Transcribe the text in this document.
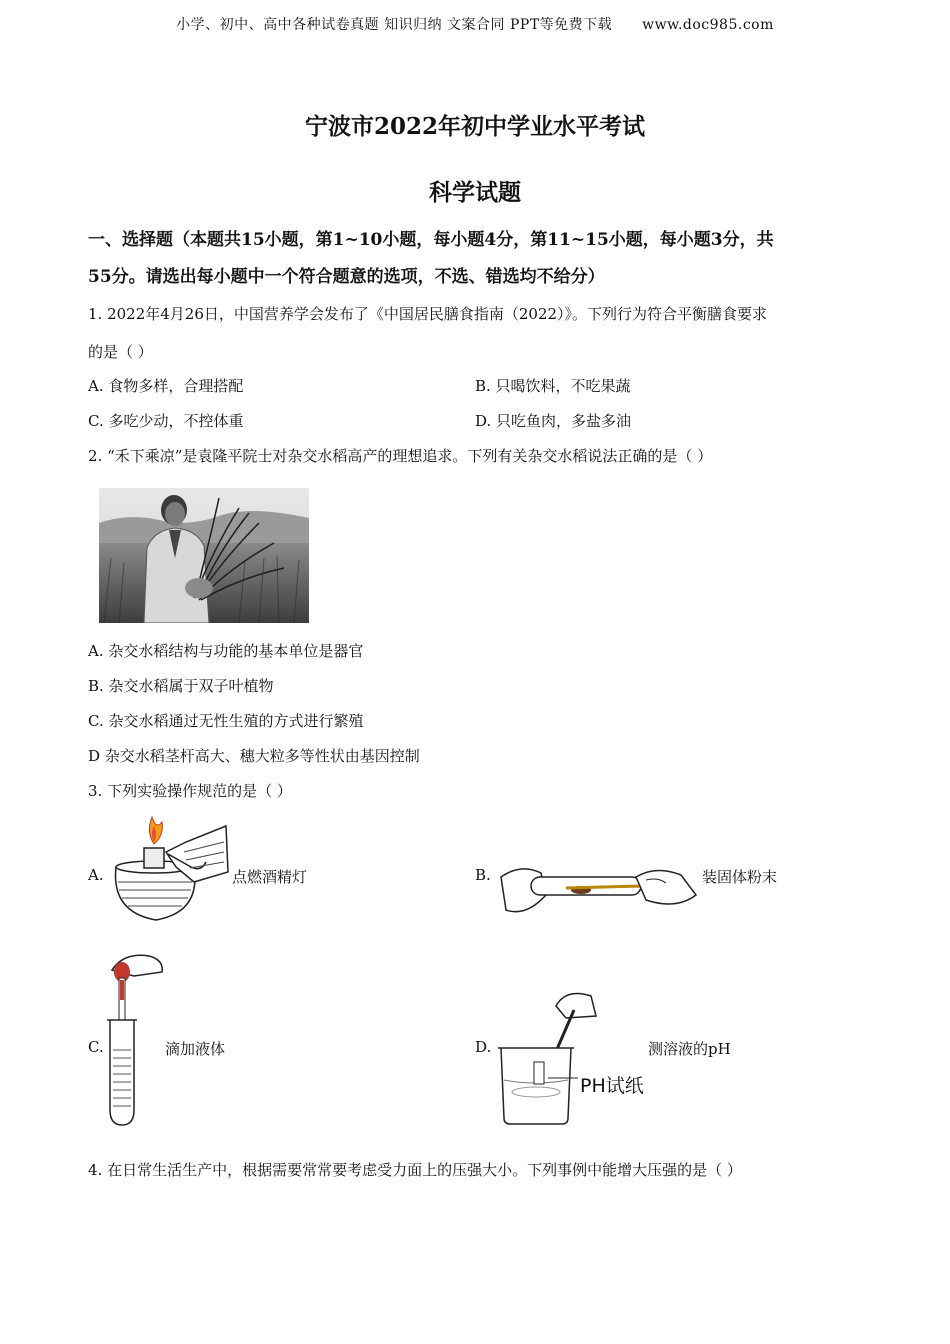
小学、初中、高中各种试卷真题 知识归纳 文案合同 PPT等免费下载 www.doc985.com
宁波市2022年初中学业水平考试
科学试题
一、选择题（本题共15小题，第1~10小题，每小题4分，第11~15小题，每小题3分，共
55分。请选出每小题中一个符合题意的选项，不选、错选均不给分）
1. 2022年4月26日，中国营养学会发布了《中国居民膳食指南（2022）》。下列行为符合平衡膳食要求
的是（ ）
A. 食物多样，合理搭配	B. 只喝饮料，不吃果蔬
C. 多吃少动，不控体重	D. 只吃鱼肉，多盐多油
2. “禾下乘凉”是袁隆平院士对杂交水稻高产的理想追求。下列有关杂交水稻说法正确的是（ ）
A. 杂交水稻结构与功能的基本单位是器官
B. 杂交水稻属于双子叶植物
C. 杂交水稻通过无性生殖的方式进行繁殖
D 杂交水稻茎杆高大、穗大粒多等性状由基因控制
3. 下列实验操作规范的是（ ）
A.	点燃酒精灯	B.	装固体粉末
C.	滴加液体	D.
PH试纸
测溶液的pH
4. 在日常生活生产中，根据需要常常要考虑受力面上的压强大小。下列事例中能增大压强的是（ ）
